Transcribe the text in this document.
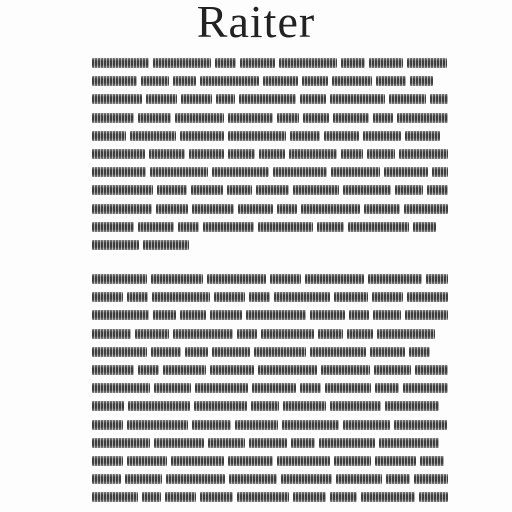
Raiter
